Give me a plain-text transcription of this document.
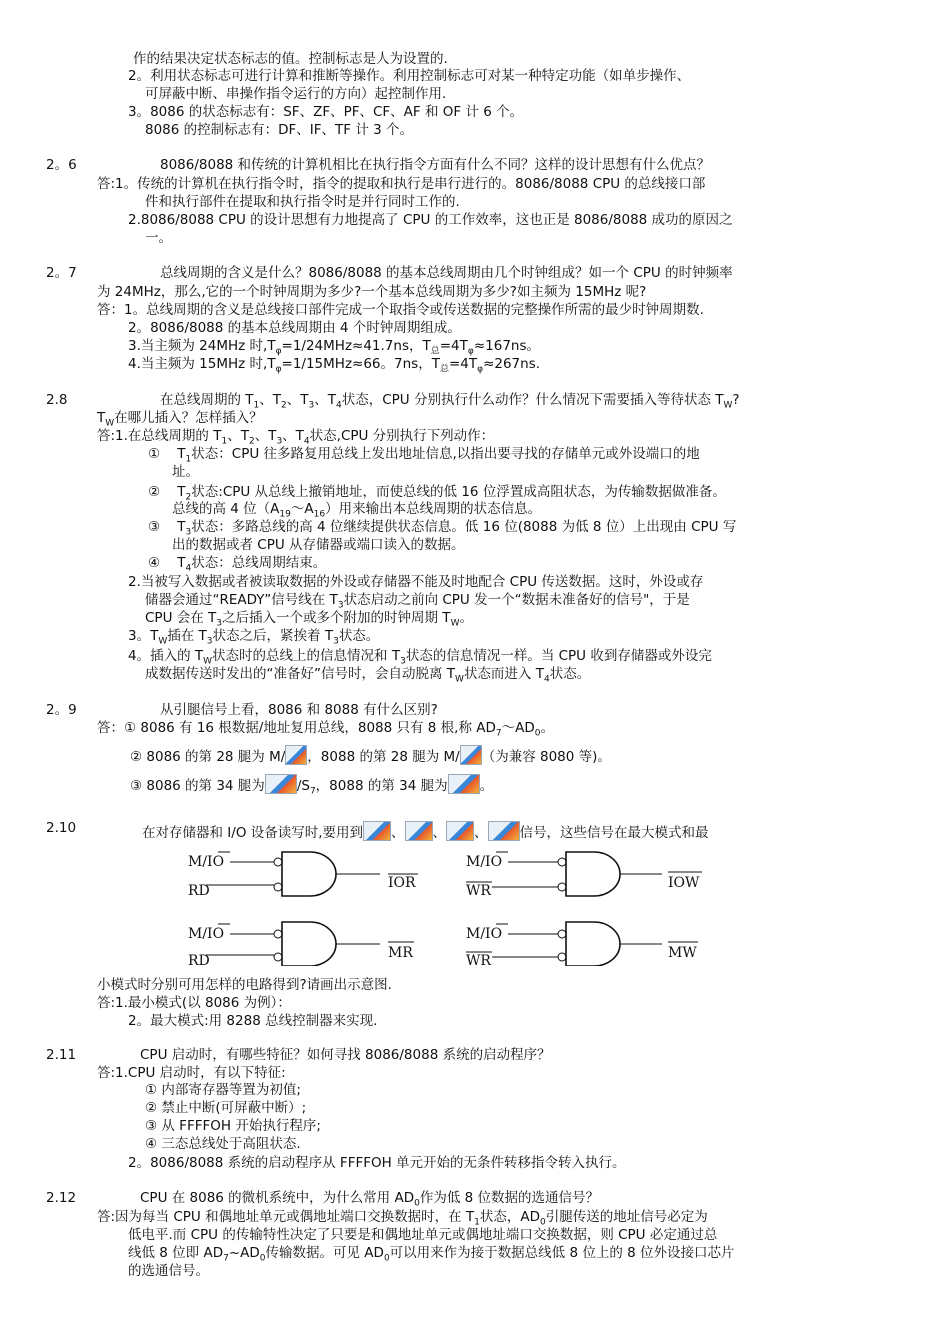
作的结果决定状态标志的值。控制标志是人为设置的.
2。利用状态标志可进行计算和推断等操作。利用控制标志可对某一种特定功能（如单步操作、
可屏蔽中断、串操作指令运行的方向）起控制作用.
3。8086 的状态标志有：SF、ZF、PF、CF、AF 和 OF 计 6 个。
8086 的控制标志有：DF、IF、TF 计 3 个。
2。6	8086/8088 和传统的计算机相比在执行指令方面有什么不同？这样的设计思想有什么优点？
答:1。传统的计算机在执行指令时，指令的提取和执行是串行进行的。8086/8088 CPU 的总线接口部
件和执行部件在提取和执行指令时是并行同时工作的.
2.8086/8088 CPU 的设计思想有力地提高了 CPU 的工作效率，这也正是 8086/8088 成功的原因之
一。
2。7	总线周期的含义是什么？8086/8088 的基本总线周期由几个时钟组成？如一个 CPU 的时钟频率
为 24MHz，那么,它的一个时钟周期为多少?一个基本总线周期为多少?如主频为 15MHz 呢?
答：1。总线周期的含义是总线接口部件完成一个取指令或传送数据的完整操作所需的最少时钟周期数.
2。8086/8088 的基本总线周期由 4 个时钟周期组成。
3.当主频为 24MHz 时$,T_\varphi=1/24MHz\approx 41.7ns$，$T_总=4T_\varphi\approx 167ns$。
4.当主频为 15MHz 时$,T_\varphi=1/15MHz\approx 66$。7ns，$T_总=4T_\varphi\approx 267ns$.
2.8	在总线周期的 $T_1$、$T_2$、$T_3$、$T_4$状态，CPU 分别执行什么动作？什么情况下需要插入等待状态 $T_W$?
$T_W$在哪儿插入？怎样插入？
答:1.在总线周期的 $T_1$、$T_2$、$T_3$、$T_4$状态,CPU 分别执行下列动作：
① $T_1$状态：CPU 往多路复用总线上发出地址信息,以指出要寻找的存储单元或外设端口的地
址。
② $T_2$状态:CPU 从总线上撤销地址，而使总线的低 16 位浮置成高阻状态，为传输数据做准备。
总线的高 4 位$(A_{19}\sim A_{16})$用来输出本总线周期的状态信息。
③ $T_3$状态：多路总线的高 4 位继续提供状态信息。低 16 位(8088 为低 8 位）上出现由 CPU 写
出的数据或者 CPU 从存储器或端口读入的数据。
④ $T_4$状态：总线周期结束。
2.当被写入数据或者被读取数据的外设或存储器不能及时地配合 CPU 传送数据。这时，外设或存
储器会通过“READY”信号线在 $T_3$状态启动之前向 CPU 发一个“数据未准备好的信号"，于是
CPU 会在 $T_3$之后插入一个或多个附加的时钟周期 $T_W$。
3。$T_W$插在 $T_3$状态之后，紧挨着 $T_3$状态。
4。插入的 $T_W$状态时的总线上的信息情况和 $T_3$状态的信息情况一样。当 CPU 收到存储器或外设完
成数据传送时发出的“准备好”信号时，会自动脱离 $T_W$状态而进入 $T_4$状态。
2。9	从引腿信号上看，8086 和 8088 有什么区别?
答：① 8086 有 16 根数据/地址复用总线，8088 只有 8 根,称 $AD_7\sim AD_0$。
② 8086 的第 28 腿为 M/ ，8088 的第 28 腿为 M/ （为兼容 8080 等)。
③ 8086 的第 34 腿为 $/S_7$，8088 的第 34 腿为 。
2.10	在对存储器和 I/O 设备读写时,要用到 、 、 、 信号，这些信号在最大模式和最
M/IO
RD	IOR
M/IO
WR	IOW
M/IO
RD	MR
M/IO
WR	MW
小模式时分别可用怎样的电路得到?请画出示意图.
答:1.最小模式(以 8086 为例）：
2。最大模式:用 8288 总线控制器来实现.
2.11	CPU 启动时，有哪些特征？如何寻找 8086/8088 系统的启动程序？
答:1.CPU 启动时，有以下特征:
① 内部寄存器等置为初值;
② 禁止中断(可屏蔽中断）;
③ 从 FFFFOH 开始执行程序;
④ 三态总线处于高阻状态.
2。8086/8088 系统的启动程序从 FFFFOH 单元开始的无条件转移指令转入执行。
2.12	CPU 在 8086 的微机系统中，为什么常用 $AD_0$作为低 8 位数据的选通信号？
答:因为每当 CPU 和偶地址单元或偶地址端口交换数据时，在 $T_1$状态，$AD_0$引腿传送的地址信号必定为
低电平.而 CPU 的传输特性决定了只要是和偶地址单元或偶地址端口交换数据，则 CPU 必定通过总
线低 8 位即 $AD_7\sim AD_0$传输数据。可见 $AD_0$可以用来作为接于数据总线低 8 位上的 8 位外设接口芯片
的选通信号。
